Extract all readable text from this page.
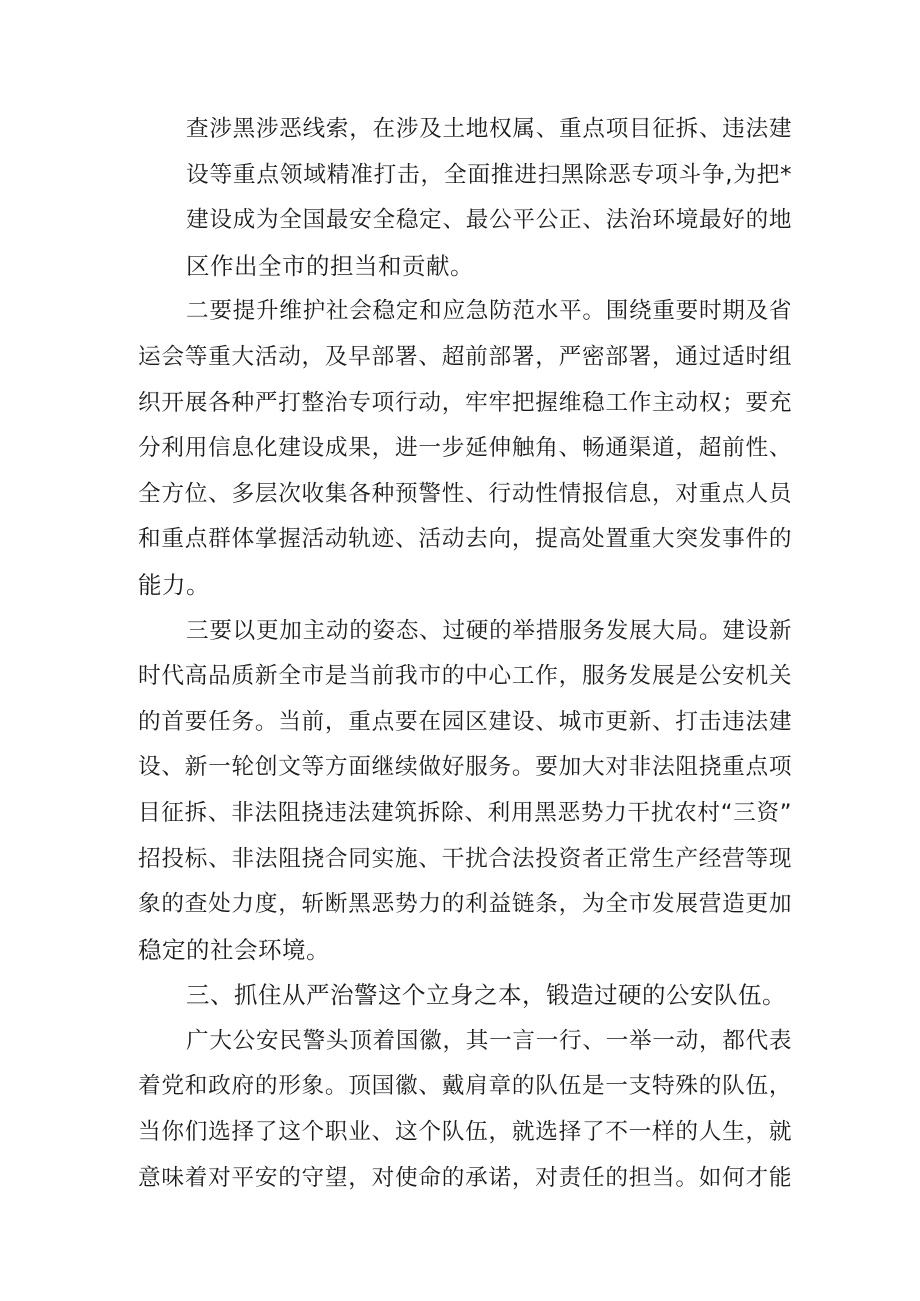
查涉黑涉恶线索，在涉及土地权属、重点项目征拆、违法建
设等重点领域精准打击，全面推进扫黑除恶专项斗争,为把*
建设成为全国最安全稳定、最公平公正、法治环境最好的地
区作出全市的担当和贡献。
二要提升维护社会稳定和应急防范水平。围绕重要时期及省
运会等重大活动，及早部署、超前部署，严密部署，通过适时组
织开展各种严打整治专项行动，牢牢把握维稳工作主动权；要充
分利用信息化建设成果，进一步延伸触角、畅通渠道，超前性、
全方位、多层次收集各种预警性、行动性情报信息，对重点人员
和重点群体掌握活动轨迹、活动去向，提高处置重大突发事件的
能力。
三要以更加主动的姿态、过硬的举措服务发展大局。建设新
时代高品质新全市是当前我市的中心工作，服务发展是公安机关
的首要任务。当前，重点要在园区建设、城市更新、打击违法建
设、新一轮创文等方面继续做好服务。要加大对非法阻挠重点项
目征拆、非法阻挠违法建筑拆除、利用黑恶势力干扰农村“三资”
招投标、非法阻挠合同实施、干扰合法投资者正常生产经营等现
象的查处力度，斩断黑恶势力的利益链条，为全市发展营造更加
稳定的社会环境。
三、抓住从严治警这个立身之本，锻造过硬的公安队伍。
广大公安民警头顶着国徽，其一言一行、一举一动，都代表
着党和政府的形象。顶国徽、戴肩章的队伍是一支特殊的队伍，
当你们选择了这个职业、这个队伍，就选择了不一样的人生，就
意味着对平安的守望，对使命的承诺，对责任的担当。如何才能
